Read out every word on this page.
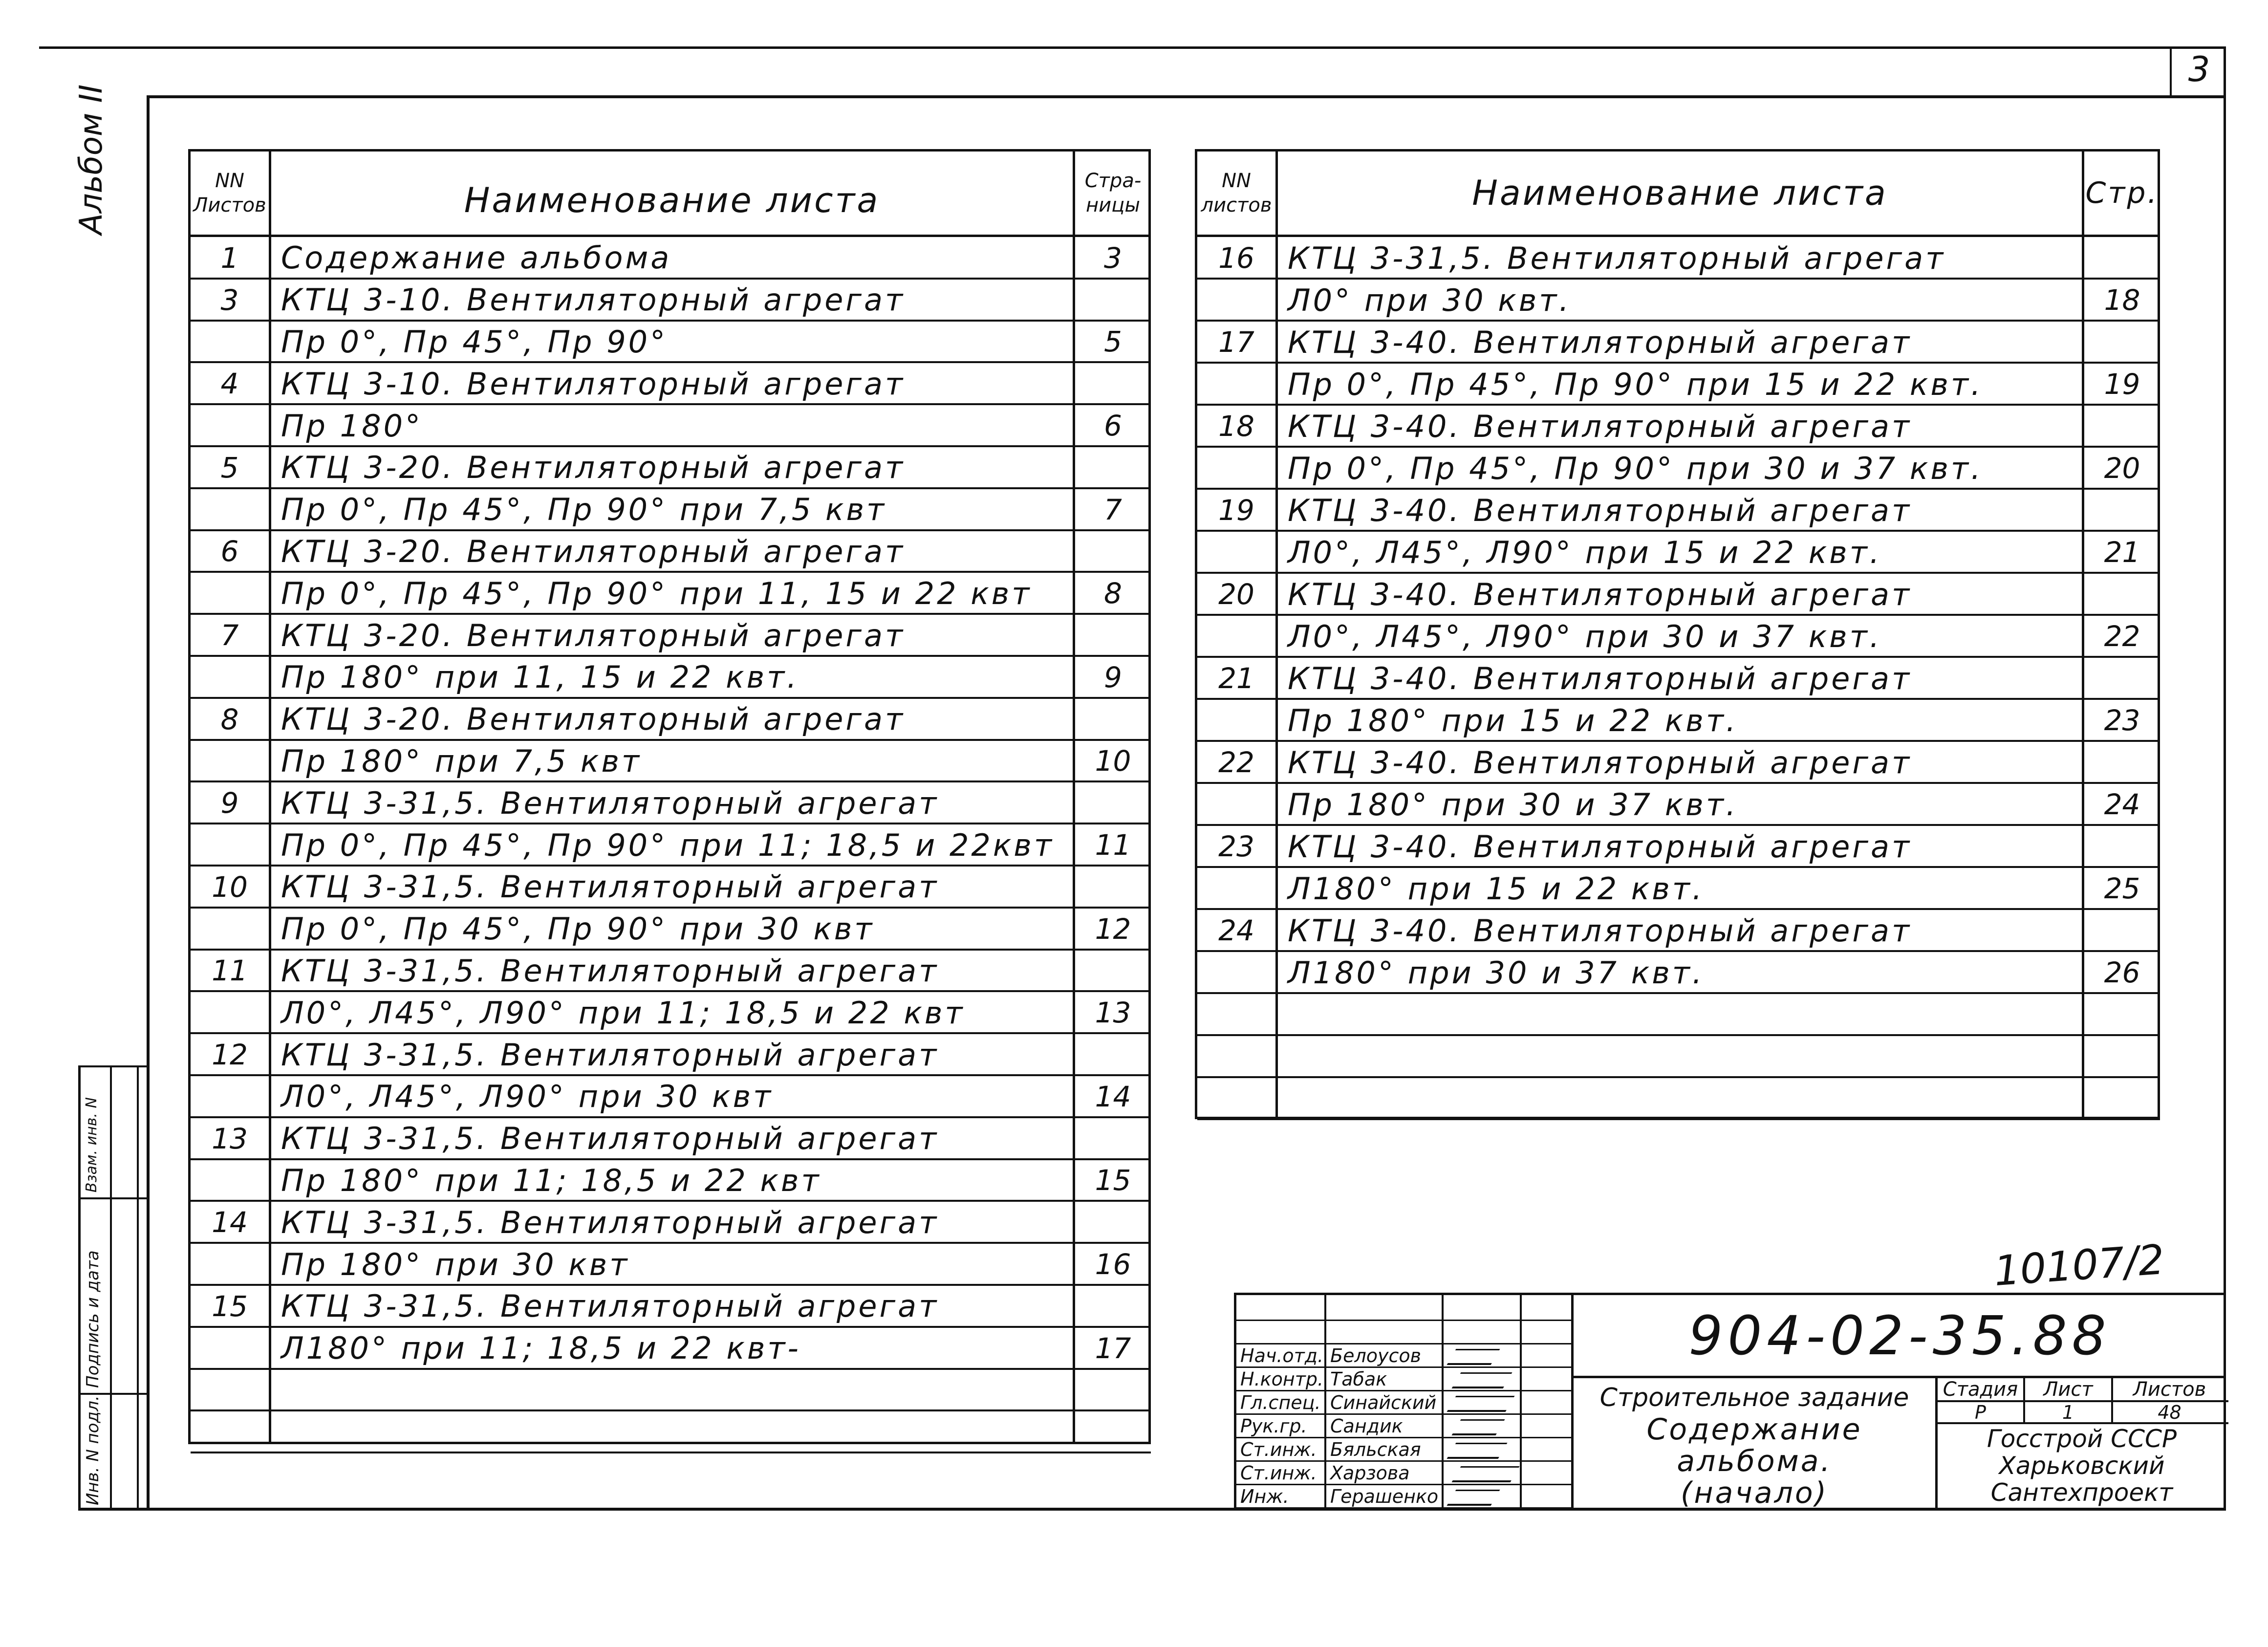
3
Альбом II
Инв. N подл.
Подпись и дата
Взам. инв. N
NN
Листов	Наименование листа	Стра-
ницы
1	Содержание альбома	3
3	КТЦ 3-10. Вентиляторный агрегат
Пр 0°, Пр 45°, Пр 90°	5
4	КТЦ 3-10. Вентиляторный агрегат
Пр 180°	6
5	КТЦ 3-20. Вентиляторный агрегат
Пр 0°, Пр 45°, Пр 90° при 7,5 квт	7
6	КТЦ 3-20. Вентиляторный агрегат
Пр 0°, Пр 45°, Пр 90° при 11, 15 и 22 квт	8
7	КТЦ 3-20. Вентиляторный агрегат
Пр 180° при 11, 15 и 22 квт.	9
8	КТЦ 3-20. Вентиляторный агрегат
Пр 180° при 7,5 квт	10
9	КТЦ 3-31,5. Вентиляторный агрегат
Пр 0°, Пр 45°, Пр 90° при 11; 18,5 и 22квт	11
10	КТЦ 3-31,5. Вентиляторный агрегат
Пр 0°, Пр 45°, Пр 90° при 30 квт	12
11	КТЦ 3-31,5. Вентиляторный агрегат
Л0°, Л45°, Л90° при 11; 18,5 и 22 квт	13
12	КТЦ 3-31,5. Вентиляторный агрегат
Л0°, Л45°, Л90° при 30 квт	14
13	КТЦ 3-31,5. Вентиляторный агрегат
Пр 180° при 11; 18,5 и 22 квт	15
14	КТЦ 3-31,5. Вентиляторный агрегат
Пр 180° при 30 квт	16
15	КТЦ 3-31,5. Вентиляторный агрегат
Л180° при 11; 18,5 и 22 квт-	17
NN
листов	Наименование листа	Стр.
16	КТЦ 3-31,5. Вентиляторный агрегат
Л0° при 30 квт.	18
17	КТЦ 3-40. Вентиляторный агрегат
Пр 0°, Пр 45°, Пр 90° при 15 и 22 квт.	19
18	КТЦ 3-40. Вентиляторный агрегат
Пр 0°, Пр 45°, Пр 90° при 30 и 37 квт.	20
19	КТЦ 3-40. Вентиляторный агрегат
Л0°, Л45°, Л90° при 15 и 22 квт.	21
20	КТЦ 3-40. Вентиляторный агрегат
Л0°, Л45°, Л90° при 30 и 37 квт.	22
21	КТЦ 3-40. Вентиляторный агрегат
Пр 180° при 15 и 22 квт.	23
22	КТЦ 3-40. Вентиляторный агрегат
Пр 180° при 30 и 37 квт.	24
23	КТЦ 3-40. Вентиляторный агрегат
Л180° при 15 и 22 квт.	25
24	КТЦ 3-40. Вентиляторный агрегат
Л180° при 30 и 37 квт.	26
10107/2
904-02-35.88
Строительное задание
Содержание
альбома.
(начало)
Стадия	Лист	Листов
Р	1	48
Госстрой СССР
Харьковский
Сантехпроект
Нач.отд. Белоусов
Н.контр. Табак
Гл.спец. Синайский
Рук.гр.	Сандик
Ст.инж. Бяльская
Ст.инж. Харзова
Инж.	Герашенко
